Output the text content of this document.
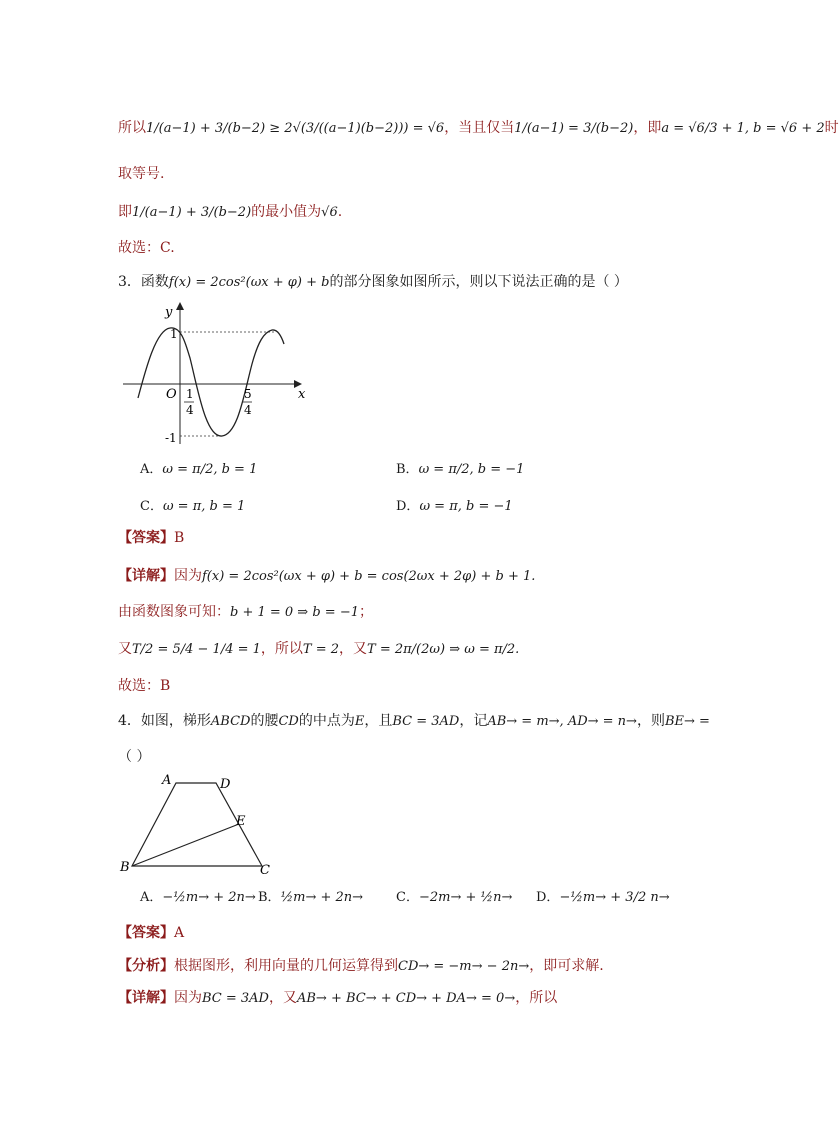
所以1/(a−1) + 3/(b−2) ≥ 2√(3/((a−1)(b−2))) = √6，当且仅当1/(a−1) = 3/(b−2)，即a = √6/3 + 1, b = √6 + 2时
取等号.
即1/(a−1) + 3/(b−2)的最小值为√6.
故选：C.
3．函数f(x) = 2cos²(ωx + φ) + b的部分图象如图所示，则以下说法正确的是（ ）
y
x
O
1
-1
1
4
5
4
A．ω = π/2, b = 1	B．ω = π/2, b = −1
C．ω = π, b = 1	D．ω = π, b = −1
【答案】B
【详解】因为f(x) = 2cos²(ωx + φ) + b = cos(2ωx + 2φ) + b + 1.
由函数图象可知：b + 1 = 0 ⇒ b = −1；
又T/2 = 5/4 − 1/4 = 1，所以T = 2，又T = 2π/(2ω) ⇒ ω = π/2.
故选：B
4．如图，梯形ABCD的腰CD的中点为E，且BC = 3AD，记AB→ = m→, AD→ = n→，则BE→ =
（ ）
A	D
E
B	C
A．−½m→ + 2n→ B．½m→ + 2n→	C．−2m→ + ½n→ D．−½m→ + 3/2 n→
【答案】A
【分析】根据图形，利用向量的几何运算得到CD→ = −m→ − 2n→，即可求解.
【详解】因为BC = 3AD，又AB→ + BC→ + CD→ + DA→ = 0→，所以
